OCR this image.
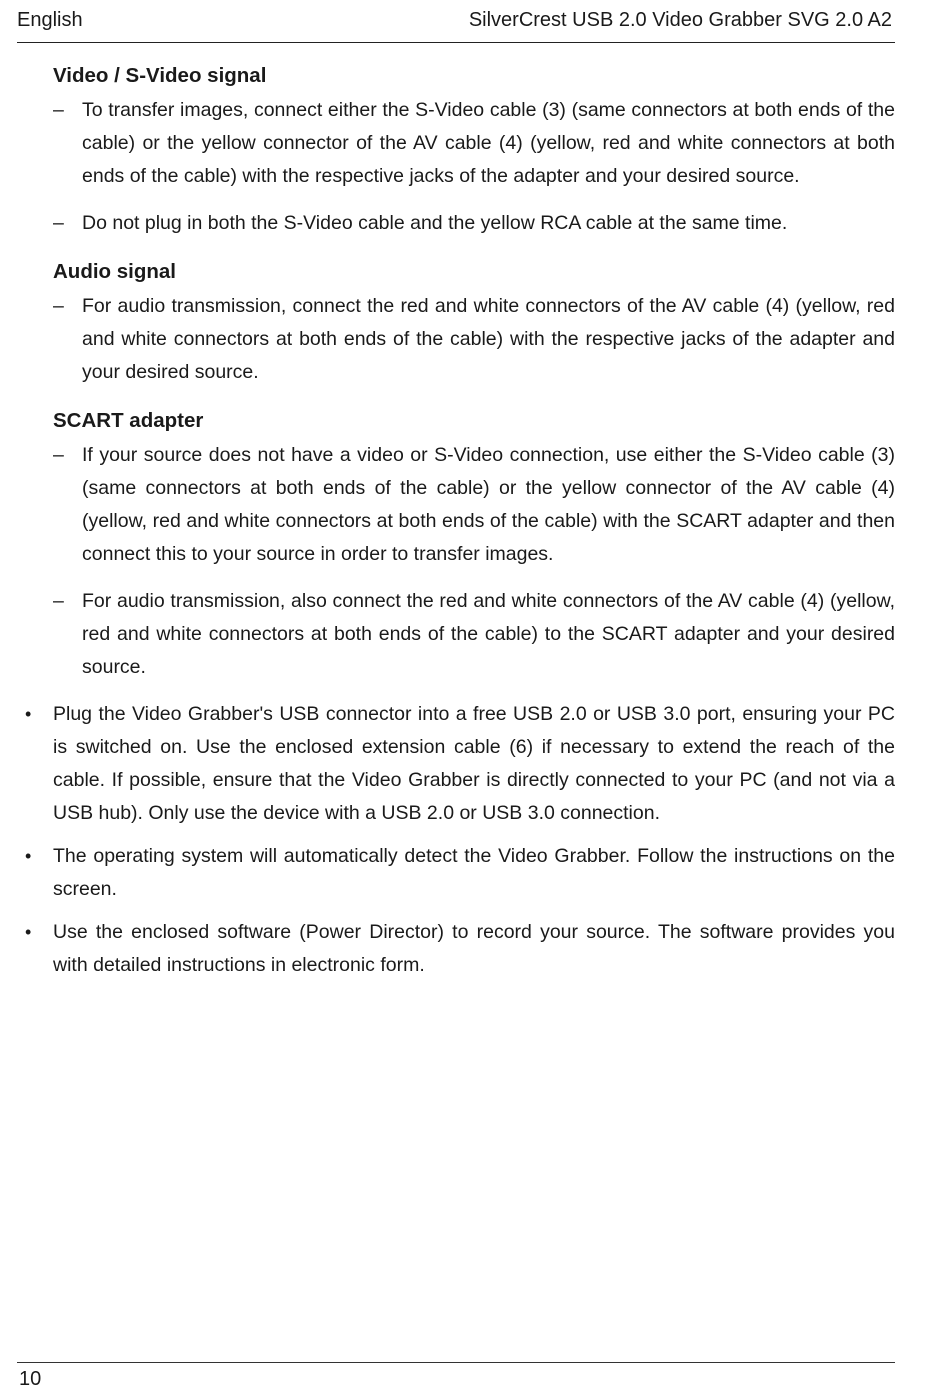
English	SilverCrest USB 2.0 Video Grabber SVG 2.0 A2
Video / S-Video signal
– To transfer images, connect either the S-Video cable (3) (same connectors at both ends of the cable) or the yellow connector of the AV cable (4) (yellow, red and white connectors at both ends of the cable) with the respective jacks of the adapter and your desired source.
– Do not plug in both the S-Video cable and the yellow RCA cable at the same time.
Audio signal
– For audio transmission, connect the red and white connectors of the AV cable (4) (yellow, red and white connectors at both ends of the cable) with the respective jacks of the adapter and your desired source.
SCART adapter
– If your source does not have a video or S-Video connection, use either the S-Video cable (3) (same connectors at both ends of the cable) or the yellow connector of the AV cable (4) (yellow, red and white connectors at both ends of the cable) with the SCART adapter and then connect this to your source in order to transfer images.
– For audio transmission, also connect the red and white connectors of the AV cable (4) (yellow, red and white connectors at both ends of the cable) to the SCART adapter and your desired source.
• Plug the Video Grabber's USB connector into a free USB 2.0 or USB 3.0 port, ensuring your PC is switched on. Use the enclosed extension cable (6) if necessary to extend the reach of the cable. If possible, ensure that the Video Grabber is directly connected to your PC (and not via a USB hub). Only use the device with a USB 2.0 or USB 3.0 connection.
• The operating system will automatically detect the Video Grabber. Follow the instructions on the screen.
• Use the enclosed software (Power Director) to record your source. The software provides you with detailed instructions in electronic form.
10
